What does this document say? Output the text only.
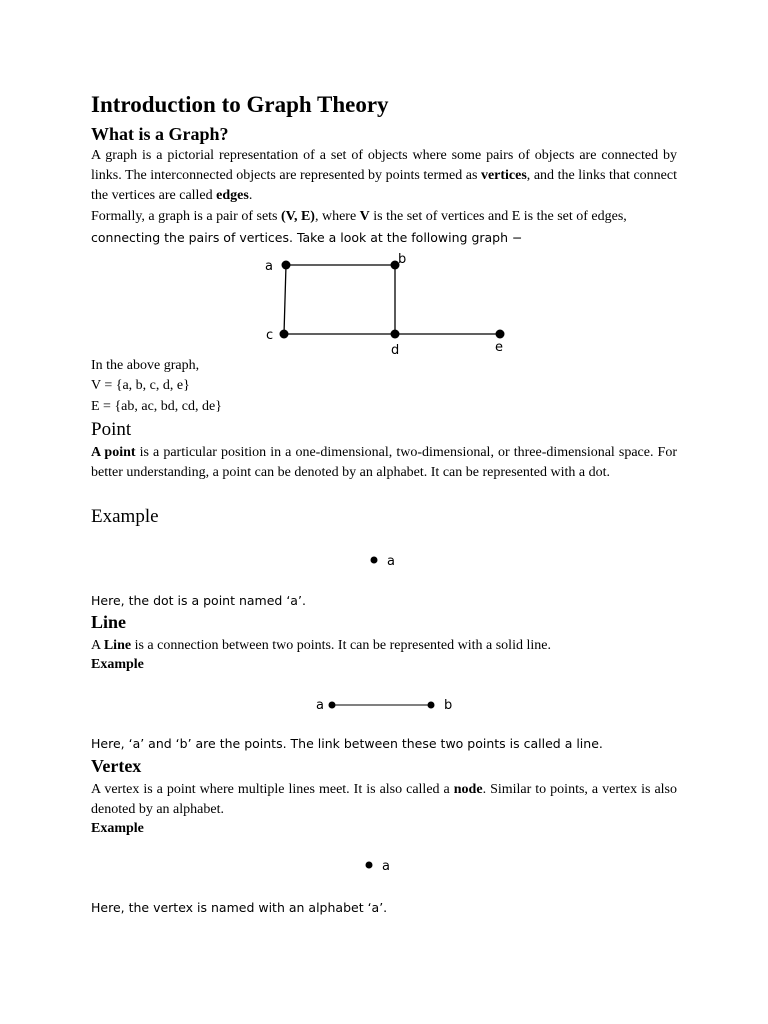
Introduction to Graph Theory
What is a Graph?
A graph is a pictorial representation of a set of objects where some pairs of objects are connected by links. The interconnected objects are represented by points termed as vertices, and the links that connect the vertices are called edges.
Formally, a graph is a pair of sets (V, E), where V is the set of vertices and E is the set of edges,
connecting the pairs of vertices. Take a look at the following graph −
a	b
c
d	e
In the above graph,
V = {a, b, c, d, e}
E = {ab, ac, bd, cd, de}
Point
A point is a particular position in a one-dimensional, two-dimensional, or three-dimensional space. For better understanding, a point can be denoted by an alphabet. It can be represented with a dot.
Example
a
Here, the dot is a point named ‘a’.
Line
A Line is a connection between two points. It can be represented with a solid line.
Example
a	b
Here, ‘a’ and ‘b’ are the points. The link between these two points is called a line.
Vertex
A vertex is a point where multiple lines meet. It is also called a node. Similar to points, a vertex is also denoted by an alphabet.
Example
a
Here, the vertex is named with an alphabet ‘a’.
